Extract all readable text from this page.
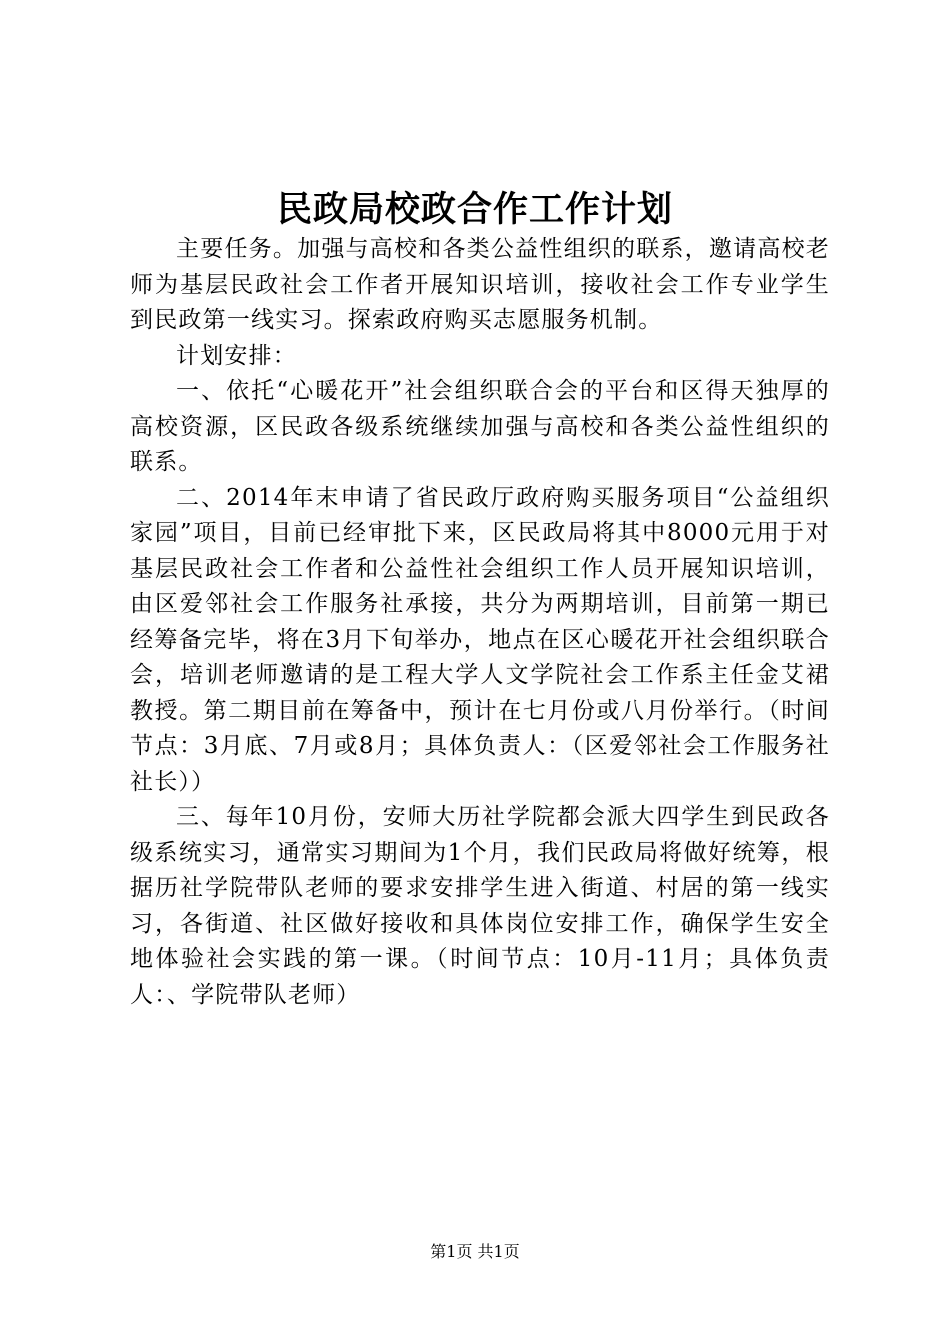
民政局校政合作工作计划

主要任务。加强与高校和各类公益性组织的联系，邀请高校老师为基层民政社会工作者开展知识培训，接收社会工作专业学生到民政第一线实习。探索政府购买志愿服务机制。

计划安排：

一、依托“心暖花开”社会组织联合会的平台和区得天独厚的高校资源，区民政各级系统继续加强与高校和各类公益性组织的联系。

二、2014年末申请了省民政厅政府购买服务项目“公益组织家园”项目，目前已经审批下来，区民政局将其中8000元用于对基层民政社会工作者和公益性社会组织工作人员开展知识培训，由区爱邻社会工作服务社承接，共分为两期培训，目前第一期已经筹备完毕，将在3月下旬举办，地点在区心暖花开社会组织联合会，培训老师邀请的是工程大学人文学院社会工作系主任金艾裙教授。第二期目前在筹备中，预计在七月份或八月份举行。（时间节点：3月底、7月或8月；具体负责人：（区爱邻社会工作服务社社长））

三、每年10月份，安师大历社学院都会派大四学生到民政各级系统实习，通常实习期间为1个月，我们民政局将做好统筹，根据历社学院带队老师的要求安排学生进入街道、村居的第一线实习，各街道、社区做好接收和具体岗位安排工作，确保学生安全地体验社会实践的第一课。（时间节点：10月-11月；具体负责人：、学院带队老师）

第1页 共1页
